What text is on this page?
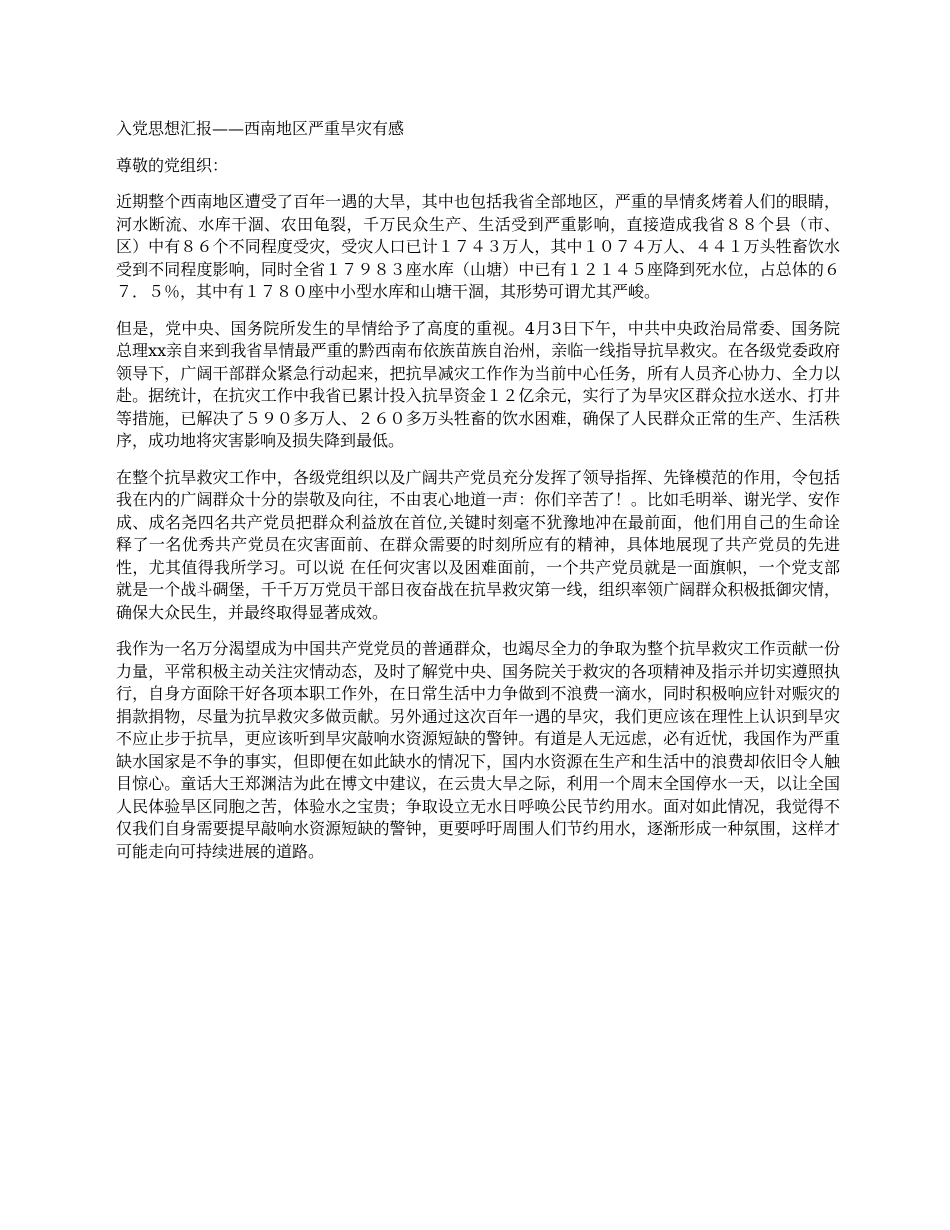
入党思想汇报——西南地区严重旱灾有感

尊敬的党组织：

近期整个西南地区遭受了百年一遇的大旱，其中也包括我省全部地区，严重的旱情炙烤着人们的眼睛，河水断流、水库干涸、农田龟裂，千万民众生产、生活受到严重影响，直接造成我省８８个县（市、区）中有８６个不同程度受灾，受灾人口已计１７４３万人，其中１０７４万人、４４１万头牲畜饮水受到不同程度影响，同时全省１７９８３座水库（山塘）中已有１２１４５座降到死水位，占总体的６７．５％，其中有１７８０座中小型水库和山塘干涸，其形势可谓尤其严峻。

但是，党中央、国务院所发生的旱情给予了高度的重视。4月3日下午，中共中央政治局常委、国务院总理xx亲自来到我省旱情最严重的黔西南布依族苗族自治州，亲临一线指导抗旱救灾。在各级党委政府领导下，广阔干部群众紧急行动起来，把抗旱减灾工作作为当前中心任务，所有人员齐心协力、全力以赴。据统计，在抗灾工作中我省已累计投入抗旱资金１２亿余元，实行了为旱灾区群众拉水送水、打井等措施，已解决了５９０多万人、２６０多万头牲畜的饮水困难，确保了人民群众正常的生产、生活秩序，成功地将灾害影响及损失降到最低。

在整个抗旱救灾工作中，各级党组织以及广阔共产党员充分发挥了领导指挥、先锋模范的作用，令包括我在内的广阔群众十分的崇敬及向往，不由衷心地道一声：你们辛苦了！。比如毛明举、谢光学、安作成、成名尧四名共产党员把群众利益放在首位,关键时刻毫不犹豫地冲在最前面，他们用自己的生命诠释了一名优秀共产党员在灾害面前、在群众需要的时刻所应有的精神，具体地展现了共产党员的先进性，尤其值得我所学习。可以说 在任何灾害以及困难面前，一个共产党员就是一面旗帜，一个党支部就是一个战斗碉堡，千千万万党员干部日夜奋战在抗旱救灾第一线，组织率领广阔群众积极抵御灾情，确保大众民生，并最终取得显著成效。

我作为一名万分渴望成为中国共产党党员的普通群众，也竭尽全力的争取为整个抗旱救灾工作贡献一份力量，平常积极主动关注灾情动态，及时了解党中央、国务院关于救灾的各项精神及指示并切实遵照执行，自身方面除干好各项本职工作外，在日常生活中力争做到不浪费一滴水，同时积极响应针对赈灾的捐款捐物，尽量为抗旱救灾多做贡献。另外通过这次百年一遇的旱灾，我们更应该在理性上认识到旱灾不应止步于抗旱，更应该听到旱灾敲响水资源短缺的警钟。有道是人无远虑，必有近忧，我国作为严重缺水国家是不争的事实，但即便在如此缺水的情况下，国内水资源在生产和生活中的浪费却依旧令人触目惊心。童话大王郑渊洁为此在博文中建议，在云贵大旱之际，利用一个周末全国停水一天，以让全国人民体验旱区同胞之苦，体验水之宝贵；争取设立无水日呼唤公民节约用水。面对如此情况，我觉得不仅我们自身需要提早敲响水资源短缺的警钟，更要呼吁周围人们节约用水，逐渐形成一种氛围，这样才可能走向可持续进展的道路。
